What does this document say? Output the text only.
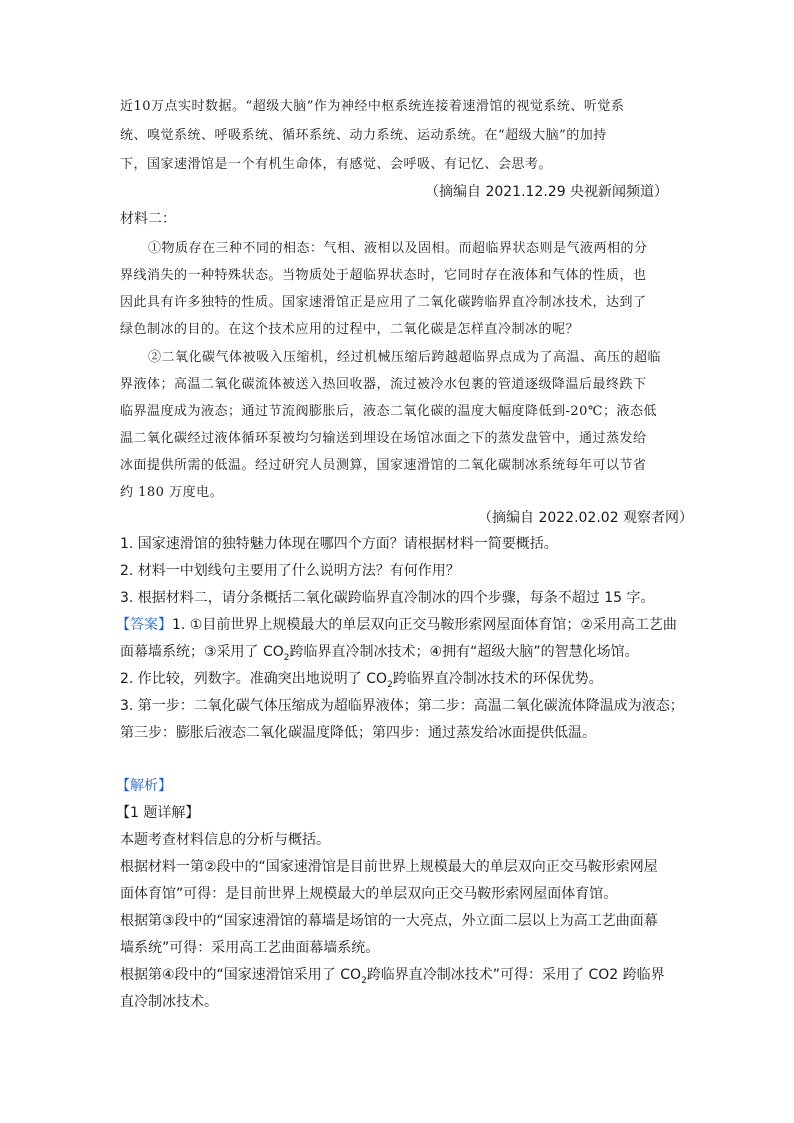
近10万点实时数据。“超级大脑”作为神经中枢系统连接着速滑馆的视觉系统、听觉系
统、嗅觉系统、呼吸系统、循环系统、动力系统、运动系统。在“超级大脑”的加持
下，国家速滑馆是一个有机生命体，有感觉、会呼吸、有记忆、会思考。
（摘编自 2021.12.29 央视新闻频道）
材料二：
①物质存在三种不同的相态：气相、液相以及固相。而超临界状态则是气液两相的分
界线消失的一种特殊状态。当物质处于超临界状态时，它同时存在液体和气体的性质，也
因此具有许多独特的性质。国家速滑馆正是应用了二氧化碳跨临界直冷制冰技术，达到了
绿色制冰的目的。在这个技术应用的过程中，二氧化碳是怎样直冷制冰的呢？
②二氧化碳气体被吸入压缩机，经过机械压缩后跨越超临界点成为了高温、高压的超临
界液体；高温二氧化碳流体被送入热回收器，流过被冷水包裹的管道逐级降温后最终跌下
临界温度成为液态；通过节流阀膨胀后，液态二氧化碳的温度大幅度降低到-20℃；液态低
温二氧化碳经过液体循环泵被均匀输送到埋设在场馆冰面之下的蒸发盘管中，通过蒸发给
冰面提供所需的低温。经过研究人员测算，国家速滑馆的二氧化碳制冰系统每年可以节省
约 180 万度电。
（摘编自 2022.02.02 观察者网）
1. 国家速滑馆的独特魅力体现在哪四个方面？请根据材料一简要概括。
2. 材料一中划线句主要用了什么说明方法？有何作用？
3. 根据材料二，请分条概括二氧化碳跨临界直冷制冰的四个步骤，每条不超过 15 字。
【答案】1. ①目前世界上规模最大的单层双向正交马鞍形索网屋面体育馆；②采用高工艺曲
面幕墙系统；③采用了 $CO_2$跨临界直冷制冰技术；④拥有“超级大脑”的智慧化场馆。
2. 作比较，列数字。准确突出地说明了 $CO_2$跨临界直冷制冰技术的环保优势。
3. 第一步：二氧化碳气体压缩成为超临界液体；第二步：高温二氧化碳流体降温成为液态；
第三步：膨胀后液态二氧化碳温度降低；第四步：通过蒸发给冰面提供低温。
【解析】
【1 题详解】
本题考查材料信息的分析与概括。
根据材料一第②段中的“国家速滑馆是目前世界上规模最大的单层双向正交马鞍形索网屋
面体育馆”可得：是目前世界上规模最大的单层双向正交马鞍形索网屋面体育馆。
根据第③段中的“国家速滑馆的幕墙是场馆的一大亮点，外立面二层以上为高工艺曲面幕
墙系统”可得：采用高工艺曲面幕墙系统。
根据第④段中的“国家速滑馆采用了 $CO_2$跨临界直冷制冰技术”可得：采用了 CO2 跨临界
直冷制冰技术。
